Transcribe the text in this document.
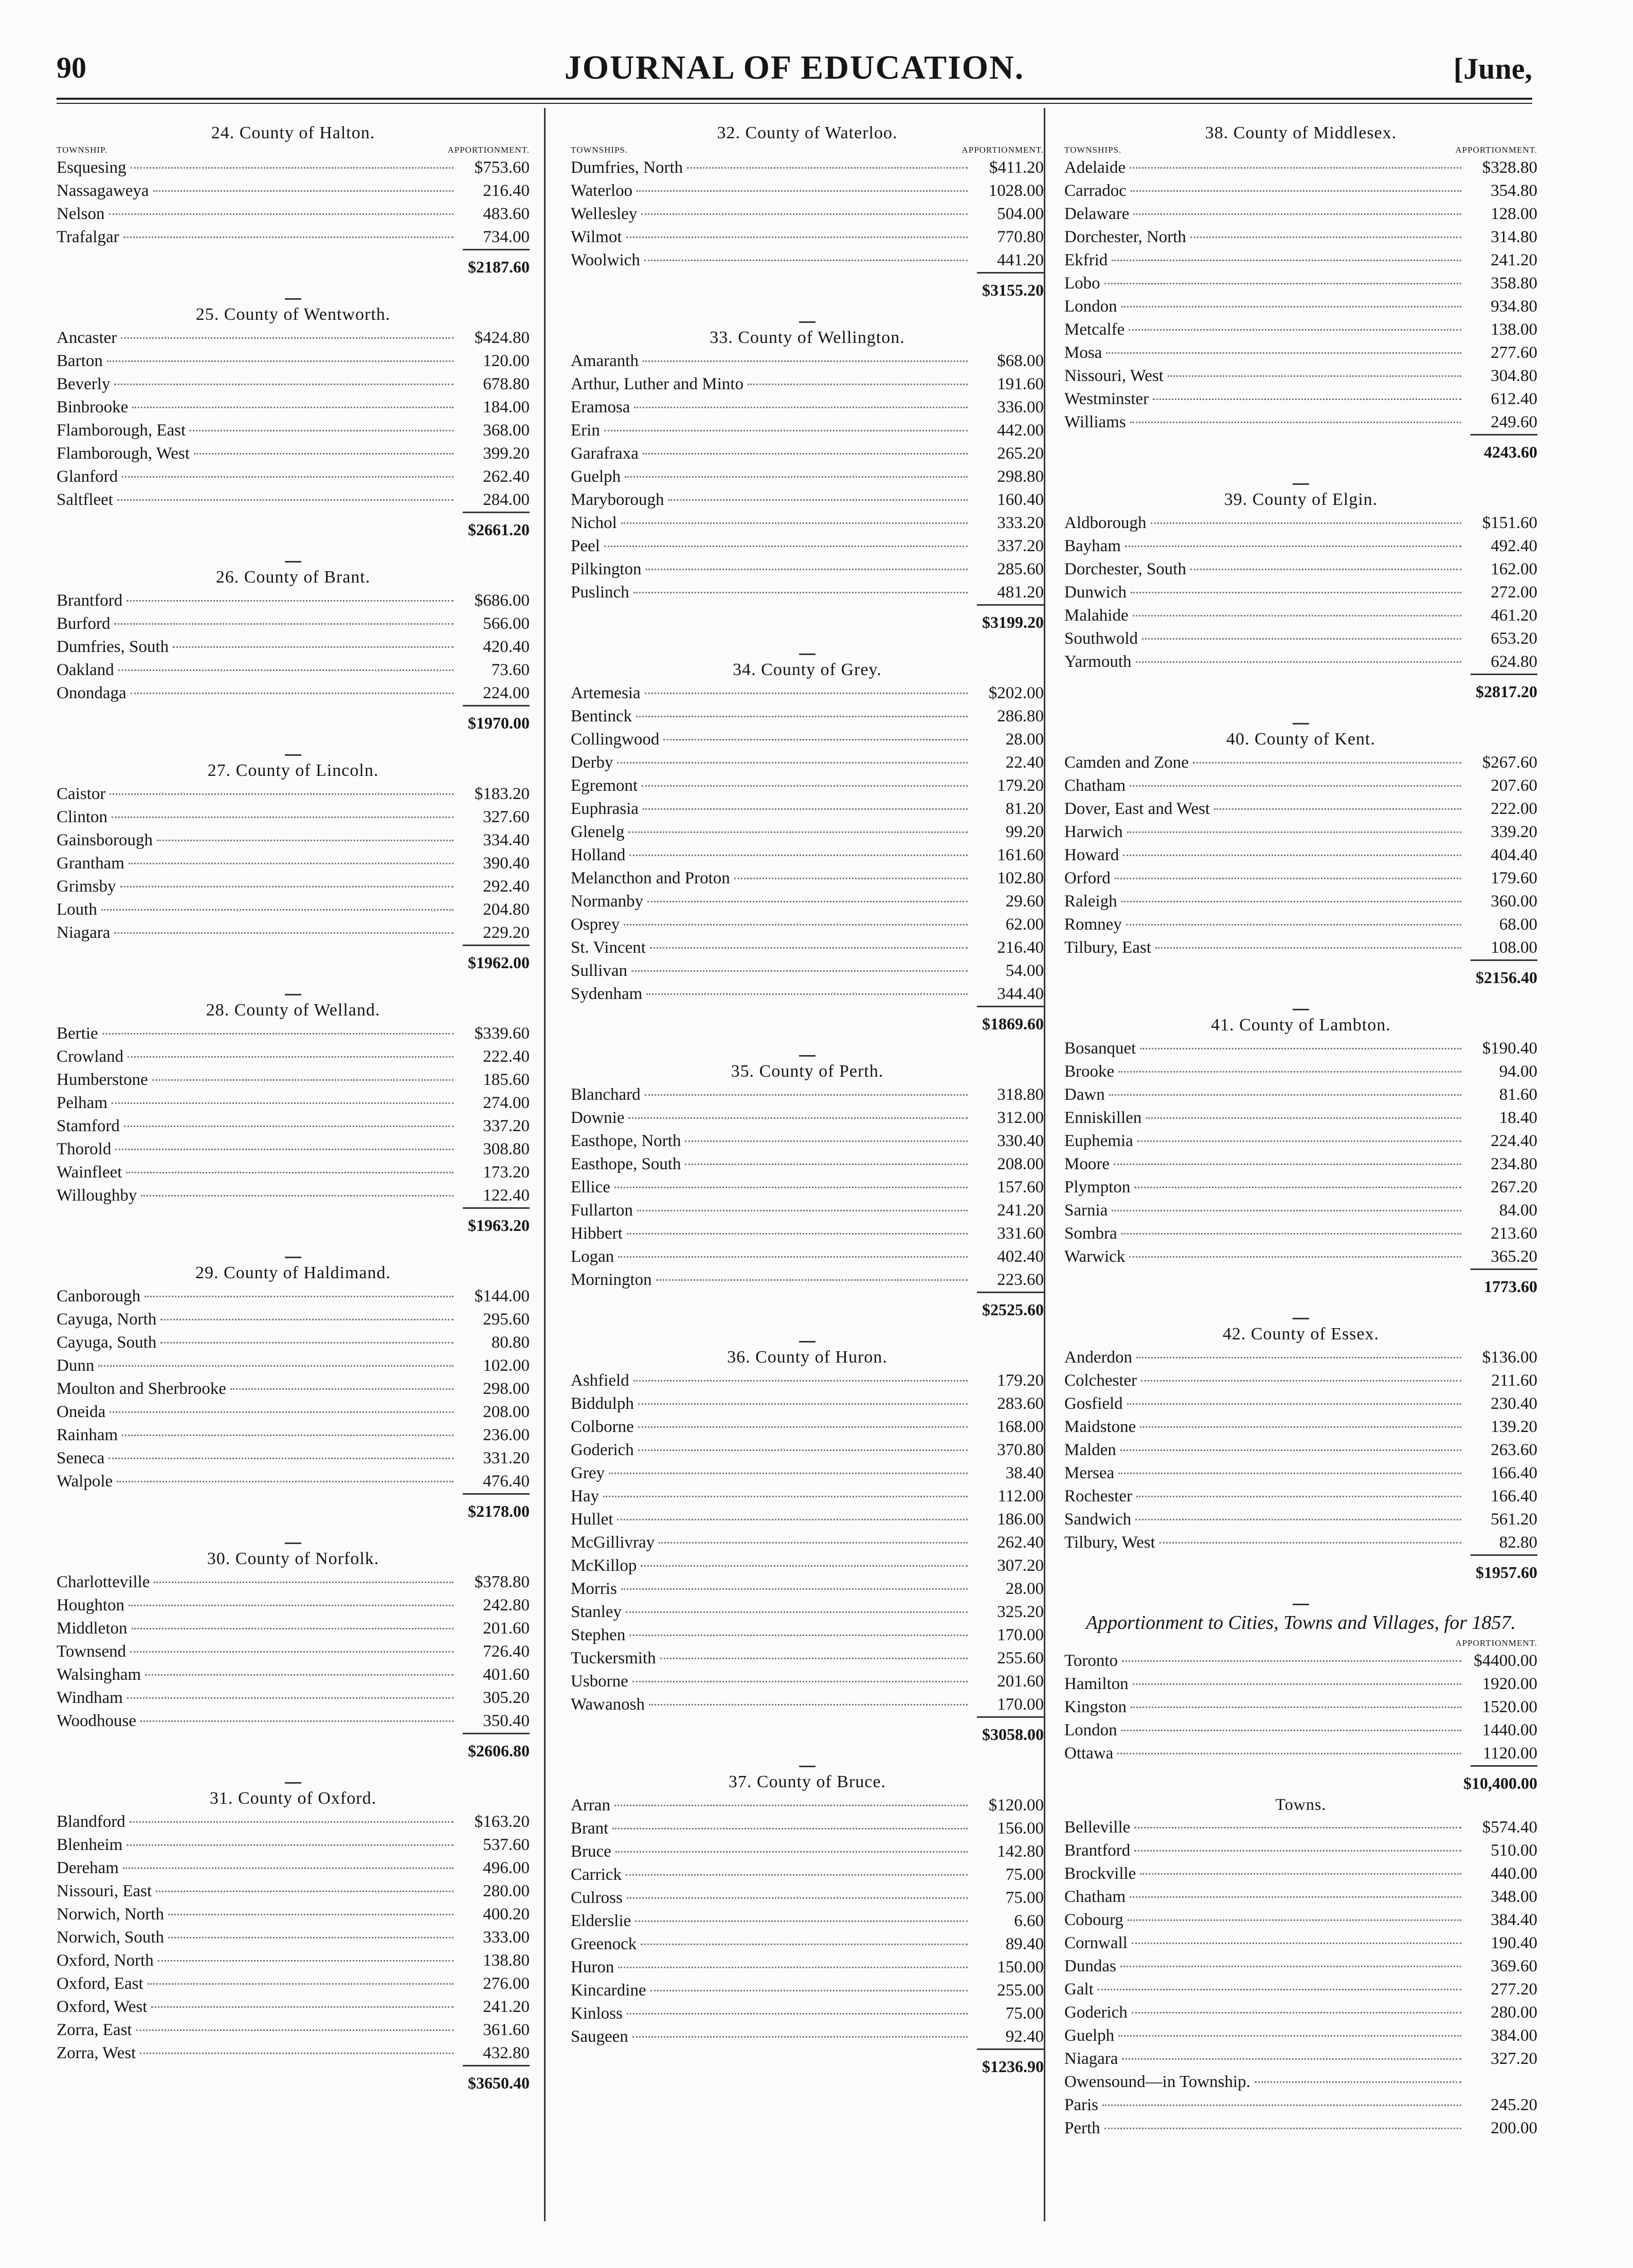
90	JOURNAL OF EDUCATION.	[June,
24. County of Halton.
TOWNSHIP.	APPORTIONMENT.
Esquesing	$753.60
Nassagaweya	216.40
Nelson	483.60
Trafalgar	734.00
$2187.60
25. County of Wentworth.
Ancaster	$424.80
Barton	120.00
Beverly	678.80
Binbrooke	184.00
Flamborough, East	368.00
Flamborough, West	399.20
Glanford	262.40
Saltfleet	284.00
$2661.20
26. County of Brant.
Brantford	$686.00
Burford	566.00
Dumfries, South	420.40
Oakland	73.60
Onondaga	224.00
$1970.00
27. County of Lincoln.
Caistor	$183.20
Clinton	327.60
Gainsborough	334.40
Grantham	390.40
Grimsby	292.40
Louth	204.80
Niagara	229.20
$1962.00
28. County of Welland.
Bertie	$339.60
Crowland	222.40
Humberstone	185.60
Pelham	274.00
Stamford	337.20
Thorold	308.80
Wainfleet	173.20
Willoughby	122.40
$1963.20
29. County of Haldimand.
Canborough	$144.00
Cayuga, North	295.60
Cayuga, South	80.80
Dunn	102.00
Moulton and Sherbrooke	298.00
Oneida	208.00
Rainham	236.00
Seneca	331.20
Walpole	476.40
$2178.00
30. County of Norfolk.
Charlotteville	$378.80
Houghton	242.80
Middleton	201.60
Townsend	726.40
Walsingham	401.60
Windham	305.20
Woodhouse	350.40
$2606.80
31. County of Oxford.
Blandford	$163.20
Blenheim	537.60
Dereham	496.00
Nissouri, East	280.00
Norwich, North	400.20
Norwich, South	333.00
Oxford, North	138.80
Oxford, East	276.00
Oxford, West	241.20
Zorra, East	361.60
Zorra, West	432.80
$3650.40
32. County of Waterloo.
TOWNSHIPS.	APPORTIONMENT.
Dumfries, North	$411.20
Waterloo	1028.00
Wellesley	504.00
Wilmot	770.80
Woolwich	441.20
$3155.20
33. County of Wellington.
Amaranth	$68.00
Arthur, Luther and Minto	191.60
Eramosa	336.00
Erin	442.00
Garafraxa	265.20
Guelph	298.80
Maryborough	160.40
Nichol	333.20
Peel	337.20
Pilkington	285.60
Puslinch	481.20
$3199.20
34. County of Grey.
Artemesia	$202.00
Bentinck	286.80
Collingwood	28.00
Derby	22.40
Egremont	179.20
Euphrasia	81.20
Glenelg	99.20
Holland	161.60
Melancthon and Proton	102.80
Normanby	29.60
Osprey	62.00
St. Vincent	216.40
Sullivan	54.00
Sydenham	344.40
$1869.60
35. County of Perth.
Blanchard	318.80
Downie	312.00
Easthope, North	330.40
Easthope, South	208.00
Ellice	157.60
Fullarton	241.20
Hibbert	331.60
Logan	402.40
Mornington	223.60
$2525.60
36. County of Huron.
Ashfield	179.20
Biddulph	283.60
Colborne	168.00
Goderich	370.80
Grey	38.40
Hay	112.00
Hullet	186.00
McGillivray	262.40
McKillop	307.20
Morris	28.00
Stanley	325.20
Stephen	170.00
Tuckersmith	255.60
Usborne	201.60
Wawanosh	170.00
$3058.00
37. County of Bruce.
Arran	$120.00
Brant	156.00
Bruce	142.80
Carrick	75.00
Culross	75.00
Elderslie	6.60
Greenock	89.40
Huron	150.00
Kincardine	255.00
Kinloss	75.00
Saugeen	92.40
$1236.90
38. County of Middlesex.
TOWNSHIPS.	APPORTIONMENT.
Adelaide	$328.80
Carradoc	354.80
Delaware	128.00
Dorchester, North	314.80
Ekfrid	241.20
Lobo	358.80
London	934.80
Metcalfe	138.00
Mosa	277.60
Nissouri, West	304.80
Westminster	612.40
Williams	249.60
4243.60
39. County of Elgin.
Aldborough	$151.60
Bayham	492.40
Dorchester, South	162.00
Dunwich	272.00
Malahide	461.20
Southwold	653.20
Yarmouth	624.80
$2817.20
40. County of Kent.
Camden and Zone	$267.60
Chatham	207.60
Dover, East and West	222.00
Harwich	339.20
Howard	404.40
Orford	179.60
Raleigh	360.00
Romney	68.00
Tilbury, East	108.00
$2156.40
41. County of Lambton.
Bosanquet	$190.40
Brooke	94.00
Dawn	81.60
Enniskillen	18.40
Euphemia	224.40
Moore	234.80
Plympton	267.20
Sarnia	84.00
Sombra	213.60
Warwick	365.20
1773.60
42. County of Essex.
Anderdon	$136.00
Colchester	211.60
Gosfield	230.40
Maidstone	139.20
Malden	263.60
Mersea	166.40
Rochester	166.40
Sandwich	561.20
Tilbury, West	82.80
$1957.60
Apportionment to Cities, Towns and Villages, for 1857.
APPORTIONMENT.
Toronto	$4400.00
Hamilton	1920.00
Kingston	1520.00
London	1440.00
Ottawa	1120.00
$10,400.00
Towns.
Belleville	$574.40
Brantford	510.00
Brockville	440.00
Chatham	348.00
Cobourg	384.40
Cornwall	190.40
Dundas	369.60
Galt	277.20
Goderich	280.00
Guelph	384.00
Niagara	327.20
Owensound—in Township.
Paris	245.20
Perth	200.00
